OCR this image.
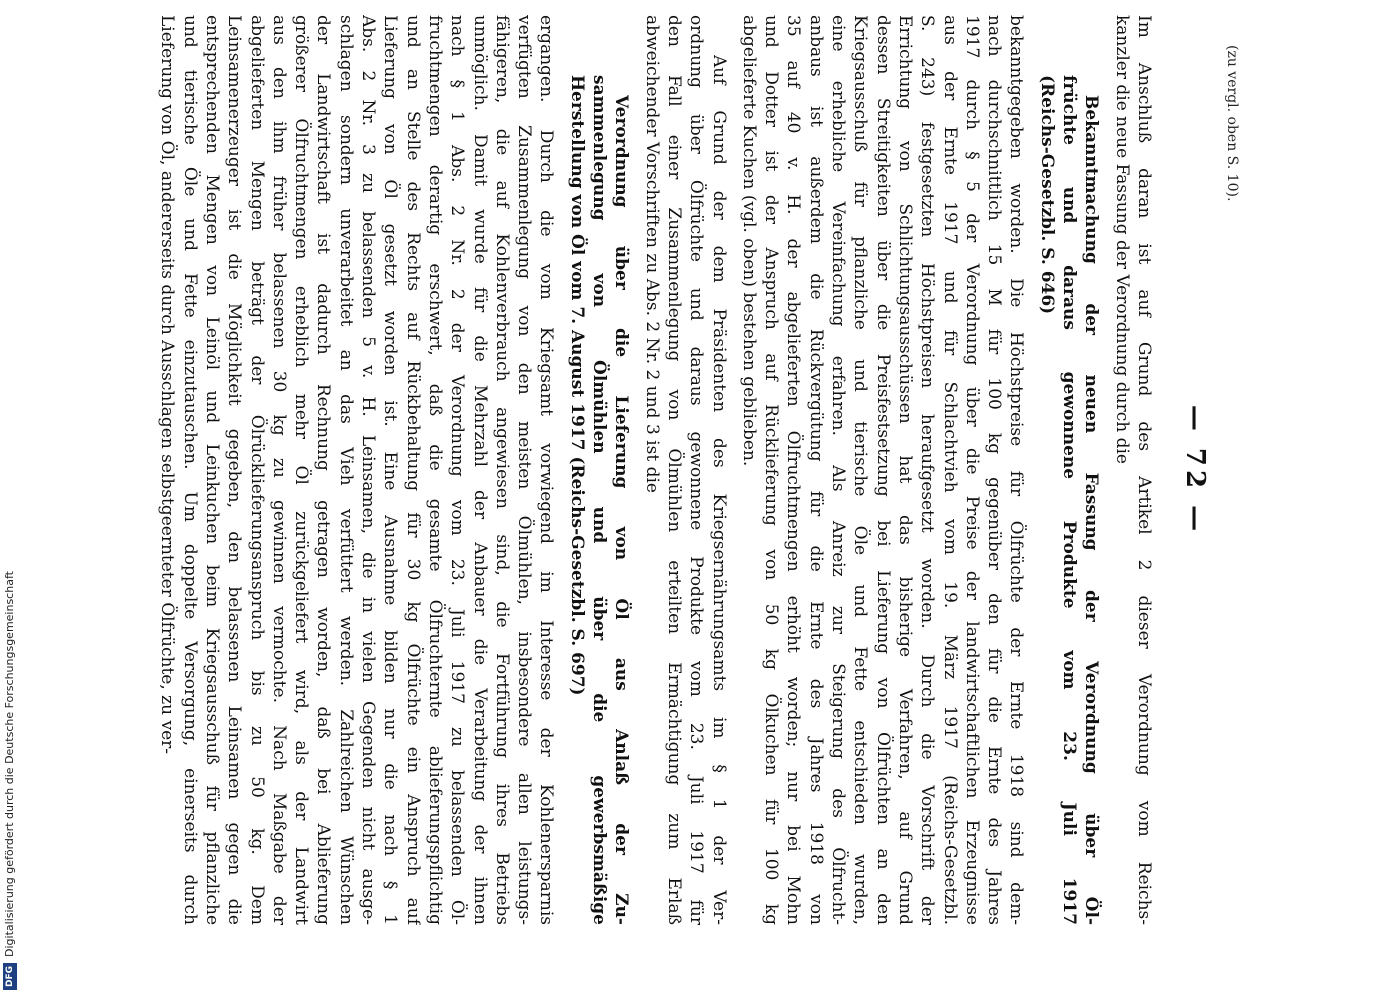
DFGDigitalisierung gefördert durch die Deutsche Forschungsgemeinschaft
(zu vergl. oben S. 10).
— 72 —
Im Anschluß daran ist auf Grund des Artikel 2 dieser Verordnung vom Reichs-
kanzler die neue Fassung der Verordnung durch die
Bekanntmachung der neuen Fassung der Verordnung über Öl-
früchte und daraus gewonnene Produkte vom 23. Juli 1917
(Reichs-Gesetzbl. S. 646)
bekanntgegeben worden. Die Höchstpreise für Ölfrüchte der Ernte 1918 sind dem-
nach durchschnittlich 15 M für 100 kg gegenüber den für die Ernte des Jahres
1917 durch § 5 der Verordnung über die Preise der landwirtschaftlichen Erzeugnisse
aus der Ernte 1917 und für Schlachtvieh vom 19. März 1917 (Reichs-Gesetzbl.
S. 243) festgesetzten Höchstpreisen heraufgesetzt worden. Durch die Vorschrift der
Errichtung von Schlichtungsausschüssen hat das bisherige Verfahren, auf Grund
dessen Streitigkeiten über die Preisfestsetzung bei Lieferung von Ölfrüchten an den
Kriegsausschuß für pflanzliche und tierische Öle und Fette entschieden wurden,
eine erhebliche Vereinfachung erfahren. Als Anreiz zur Steigerung des Ölfrucht-
anbaus ist außerdem die Rückvergütung für die Ernte des Jahres 1918 von
35 auf 40 v. H. der abgelieferten Ölfruchtmengen erhöht worden; nur bei Mohn
und Dotter ist der Anspruch auf Rücklieferung von 50 kg Ölkuchen für 100 kg
abgelieferte Kuchen (vgl. oben) bestehen geblieben.
Auf Grund der dem Präsidenten des Kriegsernährungsamts im § 1 der Ver-
ordnung über Ölfrüchte und daraus gewonnene Produkte vom 23. Juli 1917 für
den Fall einer Zusammenlegung von Ölmühlen erteilten Ermächtigung zum Erlaß
abweichender Vorschriften zu Abs. 2 Nr. 2 und 3 ist die
Verordnung über die Lieferung von Öl aus Anlaß der Zu-
sammenlegung von Ölmühlen und über die gewerbsmäßige
Herstellung von Öl vom 7. August 1917 (Reichs-Gesetzbl. S. 697)
ergangen. Durch die vom Kriegsamt vorwiegend im Interesse der Kohlenersparnis
verfügten Zusammenlegung von den meisten Ölmühlen, insbesondere allen leistungs-
fähigeren, die auf Kohlenverbrauch angewiesen sind, die Fortführung ihres Betriebs
unmöglich. Damit wurde für die Mehrzahl der Anbauer die Verarbeitung der ihnen
nach § 1 Abs. 2 Nr. 2 der Verordnung vom 23. Juli 1917 zu belassenden Öl-
fruchtmengen derartig erschwert, daß die gesamte Ölfruchternte ablieferungspflichtig
und an Stelle des Rechts auf Rückbehaltung für 30 kg Ölfrüchte ein Anspruch auf
Lieferung von Öl gesetzt worden ist. Eine Ausnahme bilden nur die nach § 1
Abs. 2 Nr. 3 zu belassenden 5 v. H. Leinsamen, die in vielen Gegenden nicht ausge-
schlagen sondern unverarbeitet an das Vieh verfüttert werden. Zahlreichen Wünschen
der Landwirtschaft ist dadurch Rechnung getragen worden, daß bei Ablieferung
größerer Ölfruchtmengen erheblich mehr Öl zurückgeliefert wird, als der Landwirt
aus den ihm früher belassenen 30 kg zu gewinnen vermochte. Nach Maßgabe der
abgelieferten Mengen beträgt der Ölrücklieferungsanspruch bis zu 50 kg. Dem
Leinsamenerzeuger ist die Möglichkeit gegeben, den belassenen Leinsamen gegen die
entsprechenden Mengen von Leinöl und Leinkuchen beim Kriegsausschuß für pflanzliche
und tierische Öle und Fette einzutauschen. Um doppelte Versorgung, einerseits durch
Lieferung von Öl, andererseits durch Ausschlagen selbstgeernteter Ölfrüchte, zu ver-
